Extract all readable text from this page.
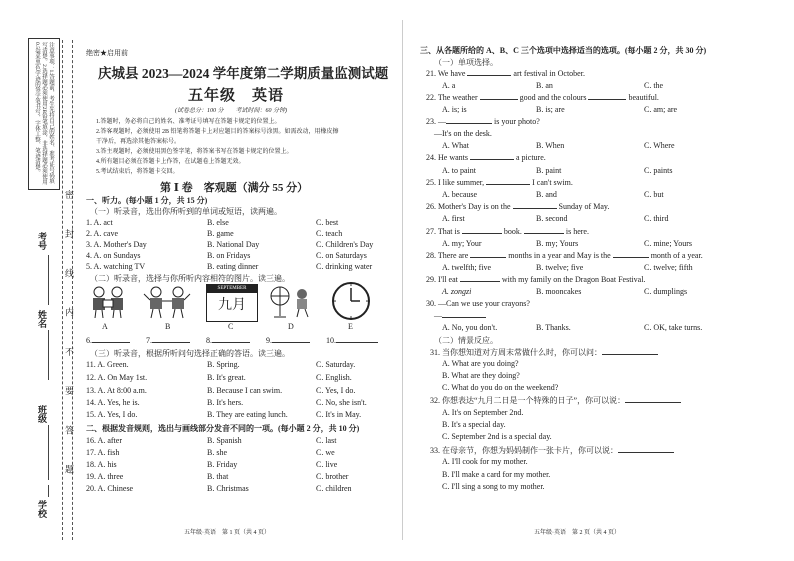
注意事项：1.答题前，考生先将自己的姓名、准考证号码填写清楚。2.选择题必须使用2B铅笔填涂，非选择题必须使用0.5毫米黑色字迹的签字笔书写，字体工整、笔迹清楚。
密 封 线 内 不 要 答 题
考号
姓名
班级
学校
绝密★启用前
庆城县 2023—2024 学年度第二学期质量监测试题
五年级　英语
(试卷总分：100 分　　考试时间：60 分钟)
1.答题时，务必将自己的姓名、准考证号填写在答题卡规定的位置上。
2.答客观题时，必须使用 2B 铅笔将答题卡上对应题目的答案标号涂黑。如需改动，用橡皮擦
干净后，再选涂其他答案标号。
3.答主观题时，必须使用黑色签字笔，将答案书写在答题卡规定的位置上。
4.所有题目必须在答题卡上作答，在试题卷上答题无效。
5.考试结束后，将答题卡交回。
第 Ⅰ 卷　客观题（满分 55 分）
一、听力。(每小题 1 分，共 15 分)
（一）听录音，选出你所听到的单词或短语，读两遍。
1. A. act	B. else	C. best
2. A. cave	B. game	C. teach
3. A. Mother's Day	B. National Day	C. Children's Day
4. A. on Sundays	B. on Fridays	C. on Saturdays
5. A. watching TV	B. eating dinner	C. drinking water
（二）听录音，选择与你所听内容相符的图片。读三遍。
SEPTEMBER
九月
A	B	C	D	E
6.	7.	8.	9.	10.
（三）听录音，根据所听问句选择正确的答语。读三遍。
11. A. Green.	B. Spring.	C. Saturday.
12. A. On May 1st.	B. It's great.	C. English.
13. A. At 8:00 a.m.	B. Because I can swim.	C. Yes, I do.
14. A. Yes, he is.	B. It's hers.	C. No, she isn't.
15. A. Yes, I do.	B. They are eating lunch.	C. It's in May.
二、根据发音规则，选出与画线部分发音不同的一项。(每小题 2 分，共 10 分)
16. A. after	B. Spanish	C. last
17. A. fish	B. she	C. we
18. A. his	B. Friday	C. live
19. A. three	B. that	C. brother
20. A. Chinese	B. Christmas	C. children
五年级·英语　第 1 页（共 4 页）
三、从各题所给的 A、B、C 三个选项中选择适当的选项。(每小题 2 分，共 30 分)
（一）单项选择。
21. We have	art festival in October.
A. a	B. an	C. the
22. The weather	good and the colours	beautiful.
A. is; is	B. is; are	C. am; are
23. —	is your photo?
—It's on the desk.
A. What	B. When	C. Where
24. He wants	a picture.
A. to paint	B. paint	C. paints
25. I like summer,	I can't swim.
A. because	B. and	C. but
26. Mother's Day is on the	Sunday of May.
A. first	B. second	C. third
27. That is	book.	is here.
A. my; Your	B. my; Yours	C. mine; Yours
28. There are	months in a year and May is the	month of a year.
A. twelfth; five	B. twelve; five	C. twelve; fifth
29. I'll eat	with my family on the Dragon Boat Festival.
A. zongzi	B. mooncakes	C. dumplings
30. —Can we use your crayons?
—
A. No, you don't.	B. Thanks.	C. OK, take turns.
（二）情景反应。
31. 当你想知道对方周末常做什么时，你可以问：
A. What are you doing?
B. What are they doing?
C. What do you do on the weekend?
32. 你想表达“九月二日是一个特殊的日子”，你可以说：
A. It's on September 2nd.
B. It's a special day.
C. September 2nd is a special day.
33. 在母亲节，你想为妈妈制作一张卡片，你可以说：
A. I'll cook for my mother.
B. I'll make a card for my mother.
C. I'll sing a song to my mother.
五年级·英语　第 2 页（共 4 页）
